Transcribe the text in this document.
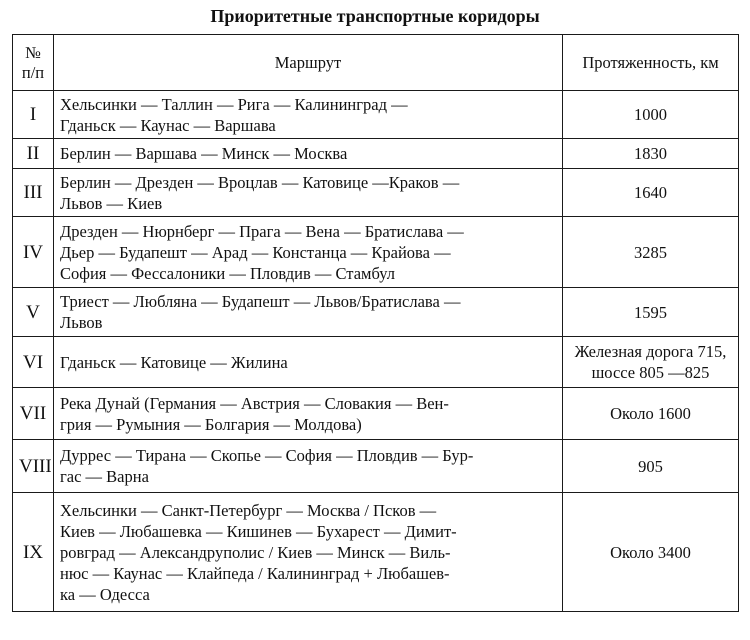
Приоритетные транспортные коридоры
№
п/п	Маршрут	Протяженность, км
I	Хельсинки — Таллин — Рига — Калининград —
Гданьск — Каунас — Варшава	1000
II	Берлин — Варшава — Минск — Москва	1830
III	Берлин — Дрезден — Вроцлав — Катовице —Краков —
Львов — Киев	1640
IV	Дрезден — Нюрнберг — Прага — Вена — Братислава —
Дьер — Будапешт — Арад — Констанца — Крайова —
София — Фессалоники — Пловдив — Стамбул	3285
V	Триест — Любляна — Будапешт — Львов/Братислава —
Львов	1595
VI	Гданьск — Катовице — Жилина	Железная дорога 715,
шоссе 805 —825
VII	Река Дунай (Германия — Австрия — Словакия — Вен-
грия — Румыния — Болгария — Молдова)	Около 1600
VIII	Дуррес — Тирана — Скопье — София — Пловдив — Бур-
гас — Варна	905
IX	Хельсинки — Санкт-Петербург — Москва / Псков —
Киев — Любашевка — Кишинев — Бухарест — Димит-
ровград — Александруполис / Киев — Минск — Виль-
нюс — Каунас — Клайпеда / Калининград + Любашев-
ка — Одесса	Около 3400
